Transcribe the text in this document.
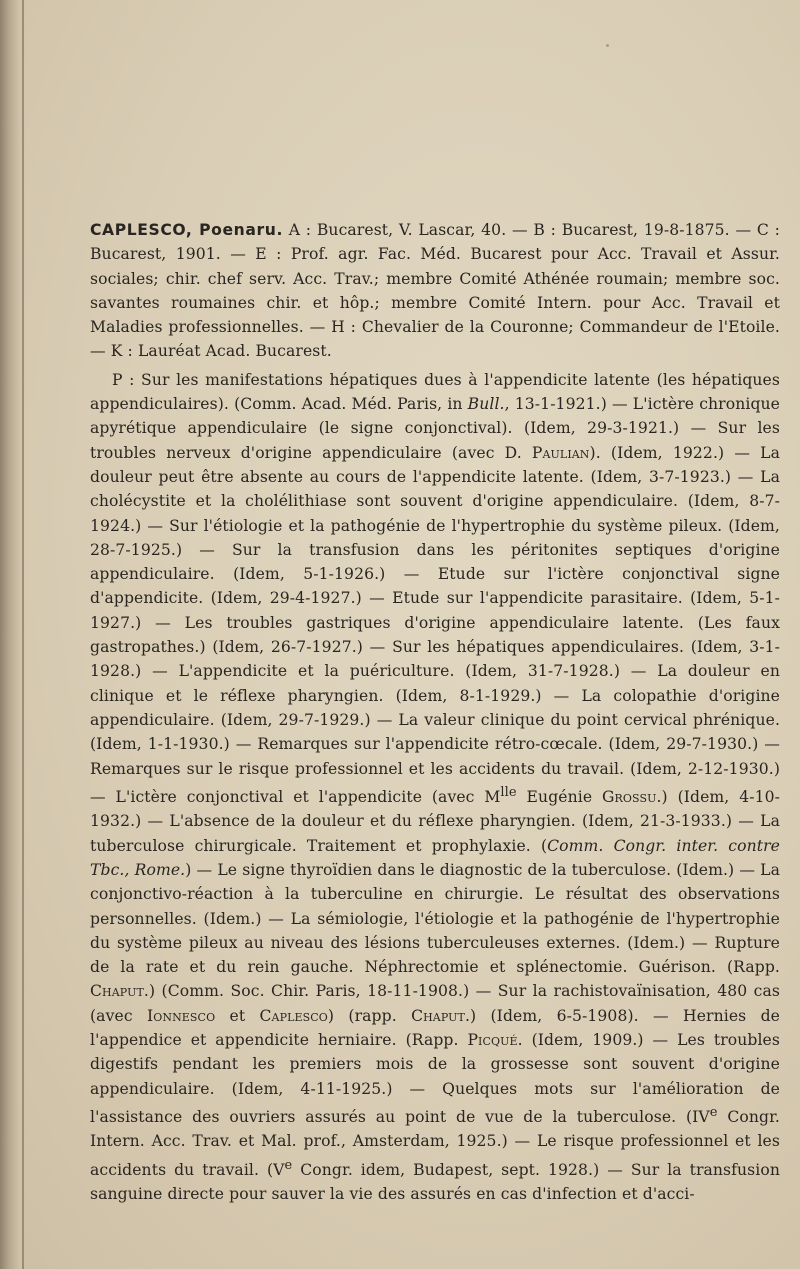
CAPLESCO, Poenaru. A : Bucarest, V. Lascar, 40. — B : Bucarest, 19-8-1875. — C : Bucarest, 1901. — E : Prof. agr. Fac. Méd. Bucarest pour Acc. Travail et Assur. sociales; chir. chef serv. Acc. Trav.; membre Comité Athénée roumain; membre soc. savantes roumaines chir. et hôp.; membre Comité Intern. pour Acc. Travail et Maladies professionnelles. — H : Chevalier de la Couronne; Commandeur de l'Etoile. — K : Lauréat Acad. Bucarest.

P : Sur les manifestations hépatiques dues à l'appendicite latente (les hépatiques appendiculaires). (Comm. Acad. Méd. Paris, in Bull., 13-1-1921.) — L'ictère chronique apyrétique appendiculaire (le signe conjonctival). (Idem, 29-3-1921.) — Sur les troubles nerveux d'origine appendiculaire (avec D. Paulian). (Idem, 1922.) — La douleur peut être absente au cours de l'appendicite latente. (Idem, 3-7-1923.) — La cholécystite et la cholélithiase sont souvent d'origine appendiculaire. (Idem, 8-7-1924.) — Sur l'étiologie et la pathogénie de l'hypertrophie du système pileux. (Idem, 28-7-1925.) — Sur la transfusion dans les péritonites septiques d'origine appendiculaire. (Idem, 5-1-1926.) — Etude sur l'ictère conjonctival signe d'appendicite. (Idem, 29-4-1927.) — Etude sur l'appendicite parasitaire. (Idem, 5-1-1927.) — Les troubles gastriques d'origine appendiculaire latente. (Les faux gastropathes.) (Idem, 26-7-1927.) — Sur les hépatiques appendiculaires. (Idem, 3-1-1928.) — L'appendicite et la puériculture. (Idem, 31-7-1928.) — La douleur en clinique et le réflexe pharyngien. (Idem, 8-1-1929.) — La colopathie d'origine appendiculaire. (Idem, 29-7-1929.) — La valeur clinique du point cervical phrénique. (Idem, 1-1-1930.) — Remarques sur l'appendicite rétro-cœcale. (Idem, 29-7-1930.) — Remarques sur le risque professionnel et les accidents du travail. (Idem, 2-12-1930.) — L'ictère conjonctival et l'appendicite (avec $M^{lle}$ Eugénie Grossu.) (Idem, 4-10-1932.) — L'absence de la douleur et du réflexe pharyngien. (Idem, 21-3-1933.) — La tuberculose chirurgicale. Traitement et prophylaxie. (Comm. Congr. inter. contre Tbc., Rome.) — Le signe thyroïdien dans le diagnostic de la tuberculose. (Idem.) — La conjonctivo-réaction à la tuberculine en chirurgie. Le résultat des observations personnelles. (Idem.) — La sémiologie, l'étiologie et la pathogénie de l'hypertrophie du système pileux au niveau des lésions tuberculeuses externes. (Idem.) — Rupture de la rate et du rein gauche. Néphrectomie et splénectomie. Guérison. (Rapp. Chaput.) (Comm. Soc. Chir. Paris, 18-11-1908.) — Sur la rachistovaïnisation, 480 cas (avec Ionnesco et Caplesco) (rapp. Chaput.) (Idem, 6-5-1908). — Hernies de l'appendice et appendicite herniaire. (Rapp. Picqué. (Idem, 1909.) — Les troubles digestifs pendant les premiers mois de la grossesse sont souvent d'origine appendiculaire. (Idem, 4-11-1925.) — Quelques mots sur l'amélioration de l'assistance des ouvriers assurés au point de vue de la tuberculose. (IVe Congr. Intern. Acc. Trav. et Mal. prof., Amsterdam, 1925.) — Le risque professionnel et les accidents du travail. (Ve Congr. idem, Budapest, sept. 1928.) — Sur la transfusion sanguine directe pour sauver la vie des assurés en cas d'infection et d'acci-
